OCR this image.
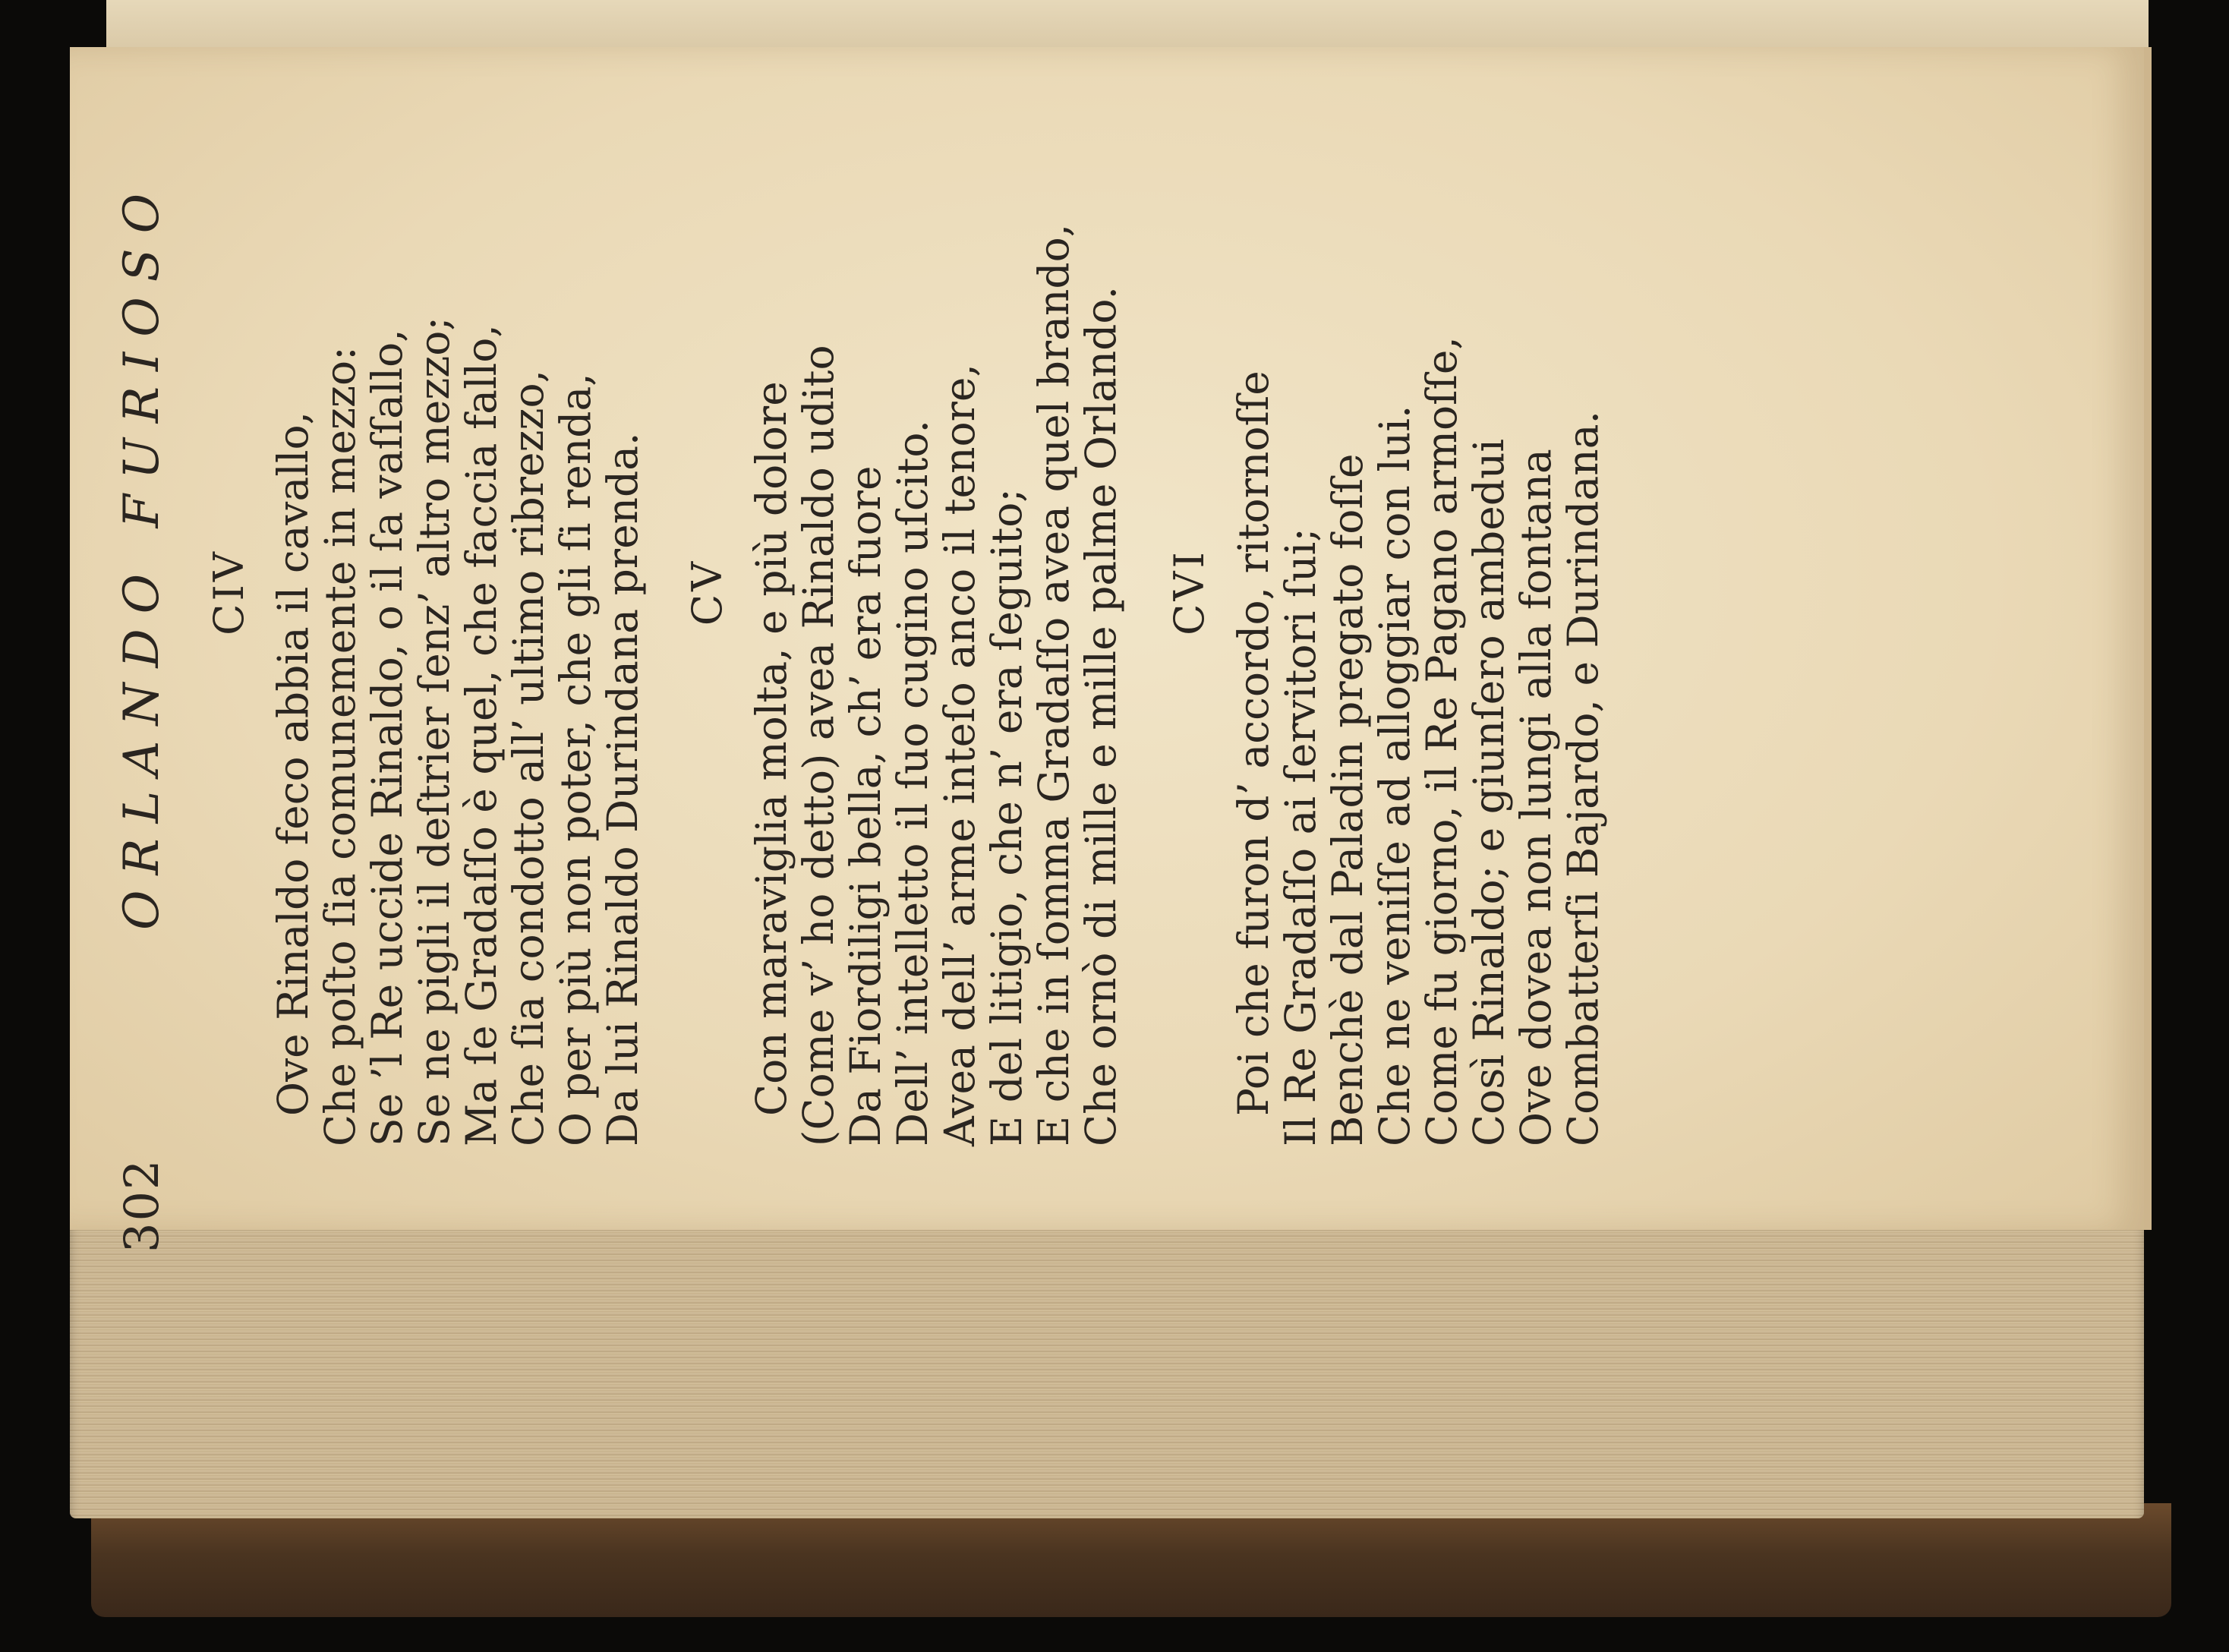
302
ORLANDO FURIOSO CIV Ove Rinaldo feco abbia il cavallo,
Che poſto ſia comunemente in mezzo:
Se ’l Re uccide Rinaldo, o il ſa vaſſallo,
Se ne pigli il deſtrier ſenz’ altro mezzo;
Ma ſe Gradaſſo è quel, che faccia fallo,
Che ſia condotto all’ ultimo ribrezzo,
O per più non poter, che gli ſi renda,
Da lui Rinaldo Durindana prenda. CV Con maraviglia molta, e più dolore
(Come v’ ho detto) avea Rinaldo udito
Da Fiordiligi bella, ch’ era fuore
Dell’ intelletto il ſuo cugino uſcito.
Avea dell’ arme inteſo anco il tenore,
E del litigio, che n’ era ſeguito;
E che in ſomma Gradaſſo avea quel brando,
Che ornò di mille e mille palme Orlando. CVI Poi che furon d’ accordo, ritornoſſe
Il Re Gradaſſo ai ſervitori ſui;
Benchè dal Paladin pregato foſſe
Che ne veniſſe ad alloggiar con lui.
Come fu giorno, il Re Pagano armoſſe,
Così Rinaldo; e giunſero ambedui
Ove dovea non lungi alla fontana
Combatterſi Bajardo, e Durindana.
